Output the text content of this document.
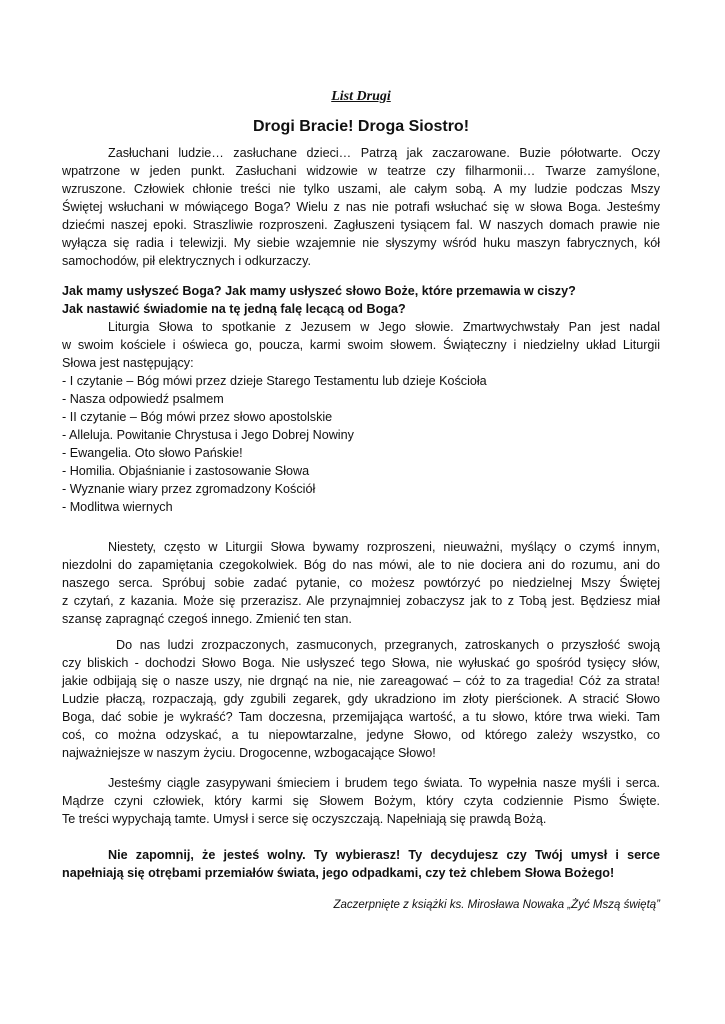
List Drugi
Drogi Bracie! Droga Siostro!
Zasłuchani ludzie… zasłuchane dzieci… Patrzą jak zaczarowane. Buzie półotwarte. Oczy
wpatrzone w jeden punkt. Zasłuchani widzowie w teatrze czy filharmonii… Twarze zamyślone,
wzruszone. Człowiek chłonie treści nie tylko uszami, ale całym sobą. A my ludzie podczas Mszy
Świętej wsłuchani w mówiącego Boga? Wielu z nas nie potrafi wsłuchać się w słowa Boga. Jesteśmy
dziećmi naszej epoki. Straszliwie rozproszeni. Zagłuszeni tysiącem fal. W naszych domach prawie nie
wyłącza się radia i telewizji. My siebie wzajemnie nie słyszymy wśród huku maszyn fabrycznych, kół
samochodów, pił elektrycznych i odkurzaczy.
Jak mamy usłyszeć Boga? Jak mamy usłyszeć słowo Boże, które przemawia w ciszy?
Jak nastawić świadomie na tę jedną falę lecącą od Boga?
Liturgia Słowa to spotkanie z Jezusem w Jego słowie. Zmartwychwstały Pan jest nadal
w swoim kościele i oświeca go, poucza, karmi swoim słowem. Świąteczny i niedzielny układ Liturgii
Słowa jest następujący:
- I czytanie – Bóg mówi przez dzieje Starego Testamentu lub dzieje Kościoła
- Nasza odpowiedź psalmem
- II czytanie – Bóg mówi przez słowo apostolskie
- Alleluja. Powitanie Chrystusa i Jego Dobrej Nowiny
- Ewangelia. Oto słowo Pańskie!
- Homilia. Objaśnianie i zastosowanie Słowa
- Wyznanie wiary przez zgromadzony Kościół
- Modlitwa wiernych
Niestety, często w Liturgii Słowa bywamy rozproszeni, nieuważni, myślący o czymś innym,
niezdolni do zapamiętania czegokolwiek. Bóg do nas mówi, ale to nie dociera ani do rozumu, ani do
naszego serca. Spróbuj sobie zadać pytanie, co możesz powtórzyć po niedzielnej Mszy Świętej
z czytań, z kazania. Może się przerazisz. Ale przynajmniej zobaczysz jak to z Tobą jest. Będziesz miał
szansę zapragnąć czegoś innego. Zmienić ten stan.
Do nas ludzi zrozpaczonych, zasmuconych, przegranych, zatroskanych o przyszłość swoją
czy bliskich - dochodzi Słowo Boga. Nie usłyszeć tego Słowa, nie wyłuskać go spośród tysięcy słów,
jakie odbijają się o nasze uszy, nie drgnąć na nie, nie zareagować – cóż to za tragedia! Cóż za strata!
Ludzie płaczą, rozpaczają, gdy zgubili zegarek, gdy ukradziono im złoty pierścionek. A stracić Słowo
Boga, dać sobie je wykraść? Tam doczesna, przemijająca wartość, a tu słowo, które trwa wieki. Tam
coś, co można odzyskać, a tu niepowtarzalne, jedyne Słowo, od którego zależy wszystko, co
najważniejsze w naszym życiu. Drogocenne, wzbogacające Słowo!
Jesteśmy ciągle zasypywani śmieciem i brudem tego świata. To wypełnia nasze myśli i serca.
Mądrze czyni człowiek, który karmi się Słowem Bożym, który czyta codziennie Pismo Święte.
Te treści wypychają tamte. Umysł i serce się oczyszczają. Napełniają się prawdą Bożą.
Nie zapomnij, że jesteś wolny. Ty wybierasz! Ty decydujesz czy Twój umysł i serce
napełniają się otrębami przemiałów świata, jego odpadkami, czy też chlebem Słowa Bożego!
Zaczerpnięte z książki ks. Mirosława Nowaka „Żyć Mszą świętą”
